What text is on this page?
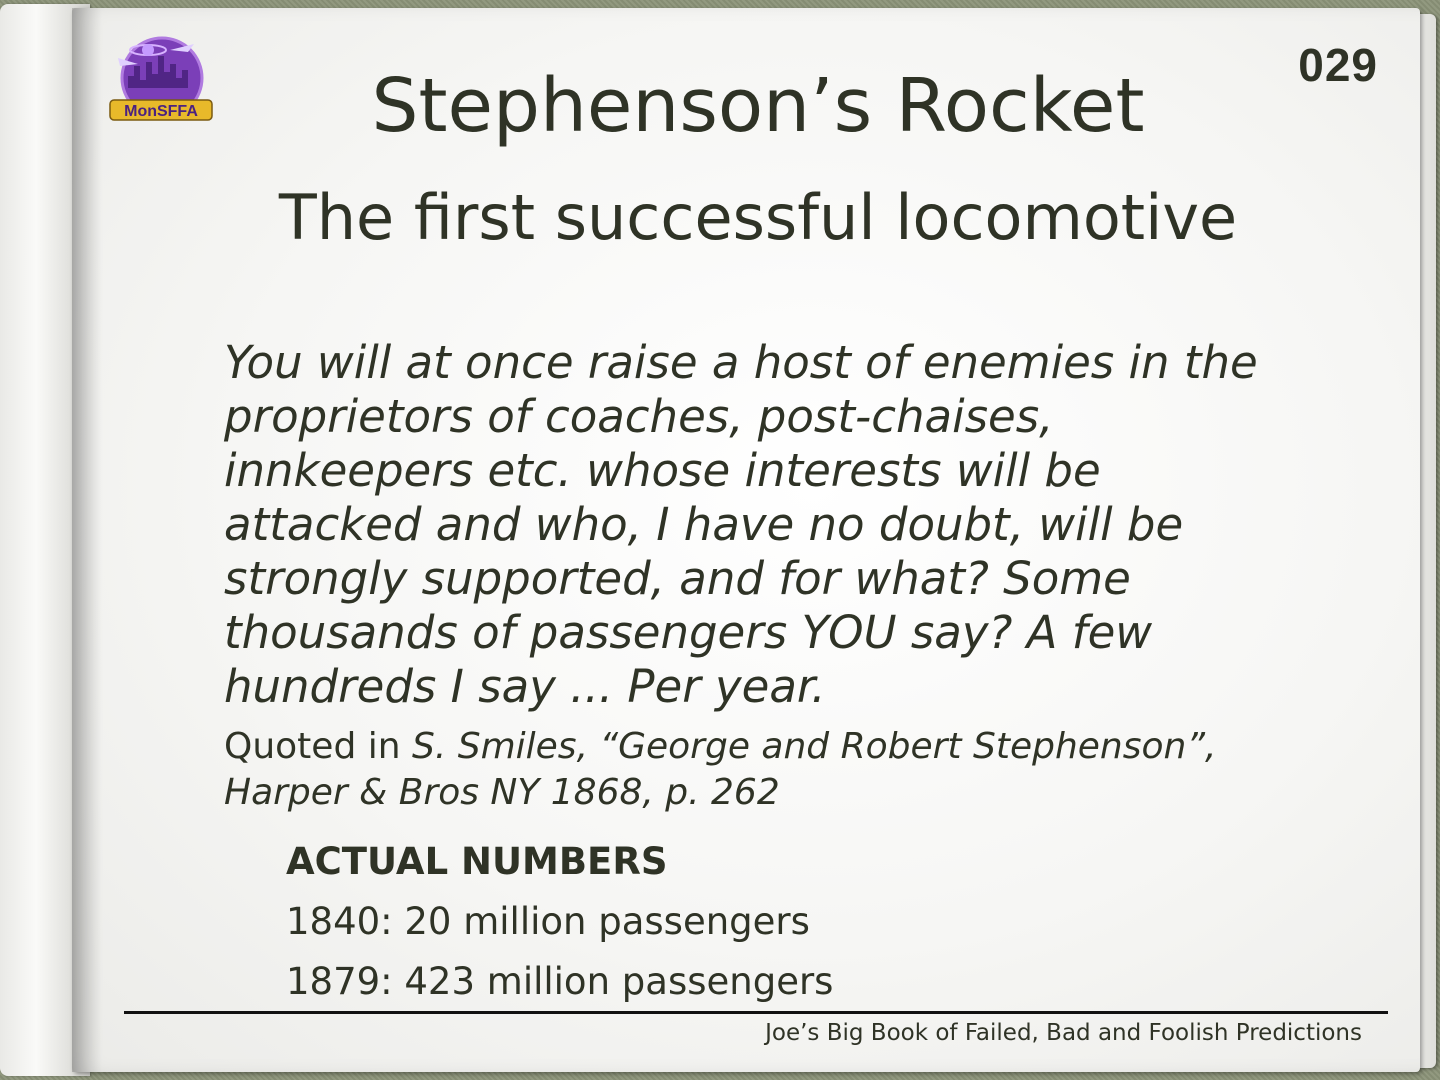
MonSFFA
029
Stephenson’s Rocket
The first successful locomotive
You will at once raise a host of enemies in the
proprietors of coaches, post-chaises,
innkeepers etc. whose interests will be
attacked and who, I have no doubt, will be
strongly supported, and for what? Some
thousands of passengers YOU say? A few
hundreds I say ... Per year.
Quoted in S. Smiles, “George and Robert Stephenson”,
Harper & Bros NY 1868, p. 262
ACTUAL NUMBERS
1840: 20 million passengers
1879: 423 million passengers
Joe’s Big Book of Failed, Bad and Foolish Predictions
